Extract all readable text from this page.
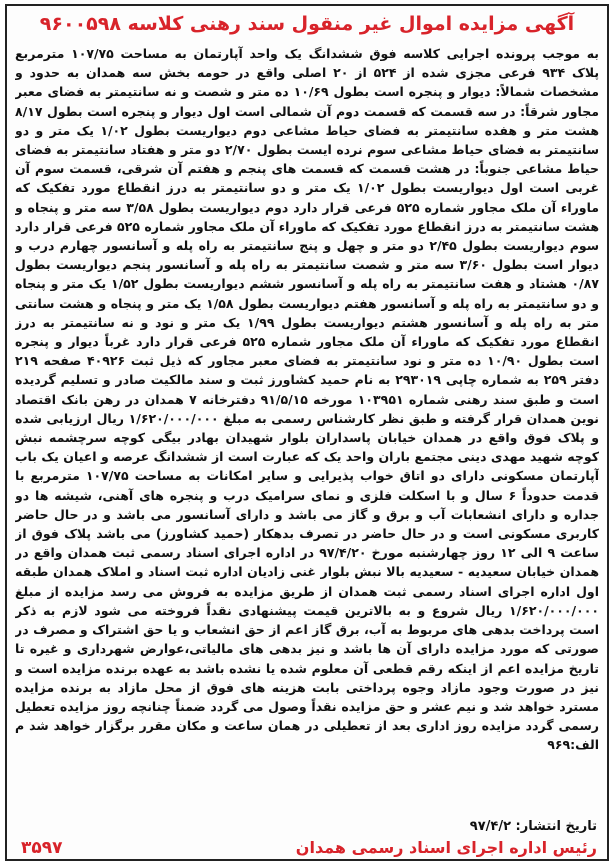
آگهی مزایده اموال غیر منقول سند رهنی کلاسه ۹۶۰۰۵۹۸

به موجب پرونده اجرایی کلاسه فوق ششدانگ یک واحد آپارتمان به مساحت ۱۰۷/۷۵ مترمربع پلاک ۹۳۴ فرعی مجزی شده از ۵۲۴ از ۲۰ اصلی واقع در حومه بخش سه همدان به حدود و مشخصات شمالاً: دیوار و پنجره است بطول ۱۰/۶۹ ده متر و شصت و نه سانتیمتر به فضای معبر مجاور شرقاً: در سه قسمت که قسمت دوم آن شمالی است اول دیوار و پنجره است بطول ۸/۱۷ هشت متر و هفده سانتیمتر به فضای حیاط مشاعی دوم دیواریست بطول ۱/۰۲ یک متر و دو سانتیمتر به فضای حیاط مشاعی سوم نرده ایست بطول ۲/۷۰ دو متر و هفتاد سانتیمتر به فضای حیاط مشاعی جنوباً: در هشت قسمت که قسمت های پنجم و هفتم آن شرقی، قسمت سوم آن غربی است اول دیواریست بطول ۱/۰۲ یک متر و دو سانتیمتر به درز انقطاع مورد تفکیک که ماوراء آن ملک مجاور شماره ۵۲۵ فرعی قرار دارد دوم دیواریست بطول ۳/۵۸ سه متر و پنجاه و هشت سانتیمتر به درز انقطاع مورد تفکیک که ماوراء آن ملک مجاور شماره ۵۲۵ فرعی قرار دارد سوم دیواریست بطول ۲/۴۵ دو متر و چهل و پنج سانتیمتر به راه پله و آسانسور چهارم درب و دیوار است بطول ۳/۶۰ سه متر و شصت سانتیمتر به راه پله و آسانسور پنجم دیواریست بطول ۰/۸۷ هشتاد و هفت سانتیمتر به راه پله و آسانسور ششم دیواریست بطول ۱/۵۲ یک متر و پنجاه و دو سانتیمتر به راه پله و آسانسور هفتم دیواریست بطول ۱/۵۸ یک متر و پنجاه و هشت سانتی متر به راه پله و آسانسور هشتم دیواریست بطول ۱/۹۹ یک متر و نود و نه سانتیمتر به درز انقطاع مورد تفکیک که ماوراء آن ملک مجاور شماره ۵۲۵ فرعی قرار دارد غرباً دیوار و پنجره است بطول ۱۰/۹۰ ده متر و نود سانتیمتر به فضای معبر مجاور که ذیل ثبت ۴۰۹۲۶ صفحه ۲۱۹ دفتر ۲۵۹ به شماره چاپی ۲۹۳۰۱۹ به نام حمید کشاورز ثبت و سند مالکیت صادر و تسلیم گردیده است و طبق سند رهنی شماره ۱۰۳۹۵۱ مورخه ۹۱/۵/۱۵ دفترخانه ۷ همدان در رهن بانک اقتصاد نوین همدان قرار گرفته و طبق نظر کارشناس رسمی به مبلغ ۱/۶۲۰/۰۰۰/۰۰۰ ریال ارزیابی شده و پلاک فوق واقع در همدان خیابان پاسداران بلوار شهیدان بهادر بیگی کوچه سرچشمه نبش کوچه شهید مهدی دینی مجتمع باران واحد یک که عبارت است از ششدانگ عرصه و اعیان یک باب آپارتمان مسکونی دارای دو اتاق خواب پذیرایی و سایر امکانات به مساحت ۱۰۷/۷۵ مترمربع با قدمت حدوداً ۶ سال و با اسکلت فلزی و نمای سرامیک درب و پنجره های آهنی، شیشه ها دو جداره و دارای انشعابات آب و برق و گاز می باشد و دارای آسانسور می باشد و در حال حاضر کاربری مسکونی است و در حال حاضر در تصرف بدهکار (حمید کشاورز) می باشد پلاک فوق از ساعت ۹ الی ۱۲ روز چهارشنبه مورخ ۹۷/۴/۲۰ در اداره اجرای اسناد رسمی ثبت همدان واقع در همدان خیابان سعیدیه - سعیدیه بالا نبش بلوار غنی زادیان اداره ثبت اسناد و املاک همدان طبقه اول اداره اجرای اسناد رسمی ثبت همدان از طریق مزایده به فروش می رسد مزایده از مبلغ ۱/۶۲۰/۰۰۰/۰۰۰ ریال شروع و به بالاترین قیمت پیشنهادی نقداً فروخته می شود لازم به ذکر است پرداخت بدهی های مربوط به آب، برق گاز اعم از حق انشعاب و یا حق اشتراک و مصرف در صورتی که مورد مزایده دارای آن ها باشد و نیز بدهی های مالیاتی،عوارض شهرداری و غیره تا تاریخ مزایده اعم از اینکه رقم قطعی آن معلوم شده یا نشده باشد به عهده برنده مزایده است و نیز در صورت وجود مازاد وجوه پرداختی بابت هزینه های فوق از محل مازاد به برنده مزایده مسترد خواهد شد و نیم عشر و حق مزایده نقداً وصول می گردد ضمناً چنانچه روز مزایده تعطیل رسمی گردد مزایده روز اداری بعد از تعطیلی در همان ساعت و مکان مقرر برگزار خواهد شد م الف:۹۶۹

تاریخ انتشار: ۹۷/۴/۲
رئیس اداره اجرای اسناد رسمی همدان
۳۵۹۷
